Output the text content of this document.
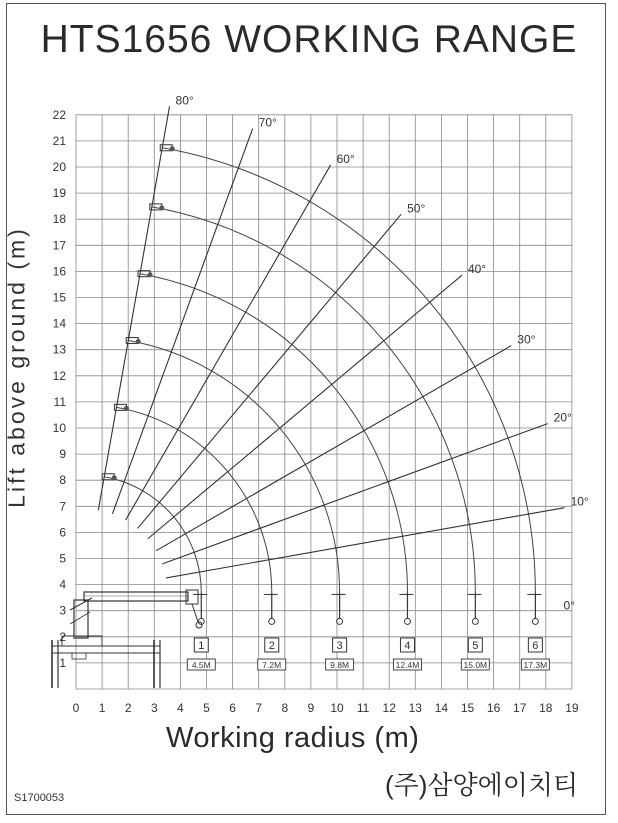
HTS1656 WORKING RANGE
Lift above ground (m)
Working radius (m)
S1700053	(주)삼양에이치티
0 1 2 3 4 5 6 7 8 9 10 11 12 13 14 15 16 17 18 19
1
2
3
4
5
6
7
8
9
10
11
12
13
14
15
16
17
18
19
20
21
22
0°
10°
20°
30°
40°
50°
60°
70°
80°
1
4.5M
2
7.2M
3
9.8M
4
12.4M
5
15.0M
6
17.3M
